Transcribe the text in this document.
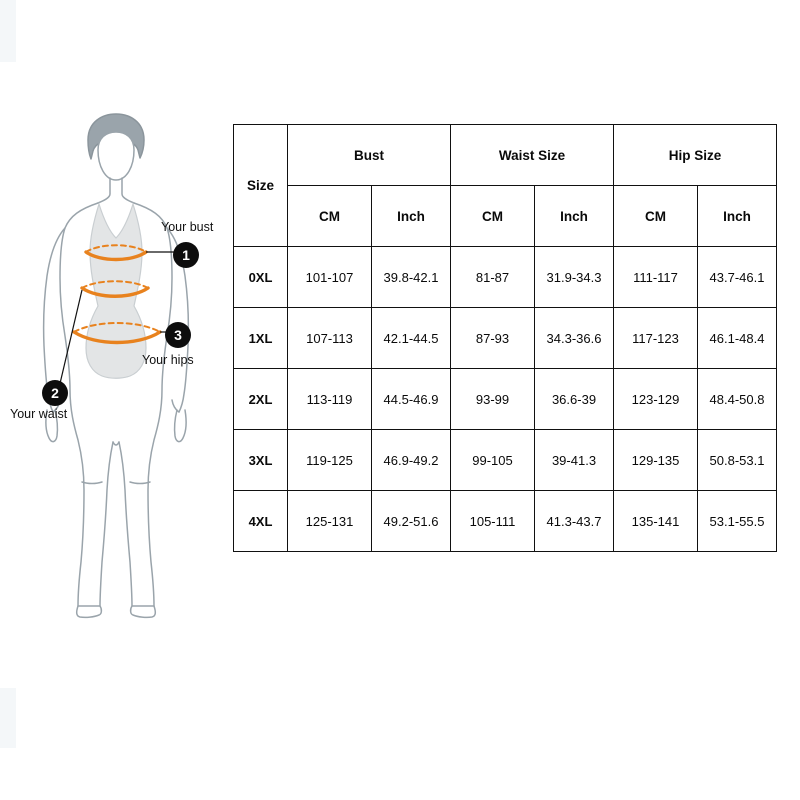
1
Your bust
2
Your waist
3
Your hips
Size	Bust		Waist Size		Hip Size	
	CM	Inch	CM	Inch	CM	Inch
0XL	101-107	39.8-42.1	81-87	31.9-34.3	111-117	43.7-46.1
1XL	107-113	42.1-44.5	87-93	34.3-36.6	117-123	46.1-48.4
2XL	113-119	44.5-46.9	93-99	36.6-39	123-129	48.4-50.8
3XL	119-125	46.9-49.2	99-105	39-41.3	129-135	50.8-53.1
4XL	125-131	49.2-51.6	105-111	41.3-43.7	135-141	53.1-55.5
